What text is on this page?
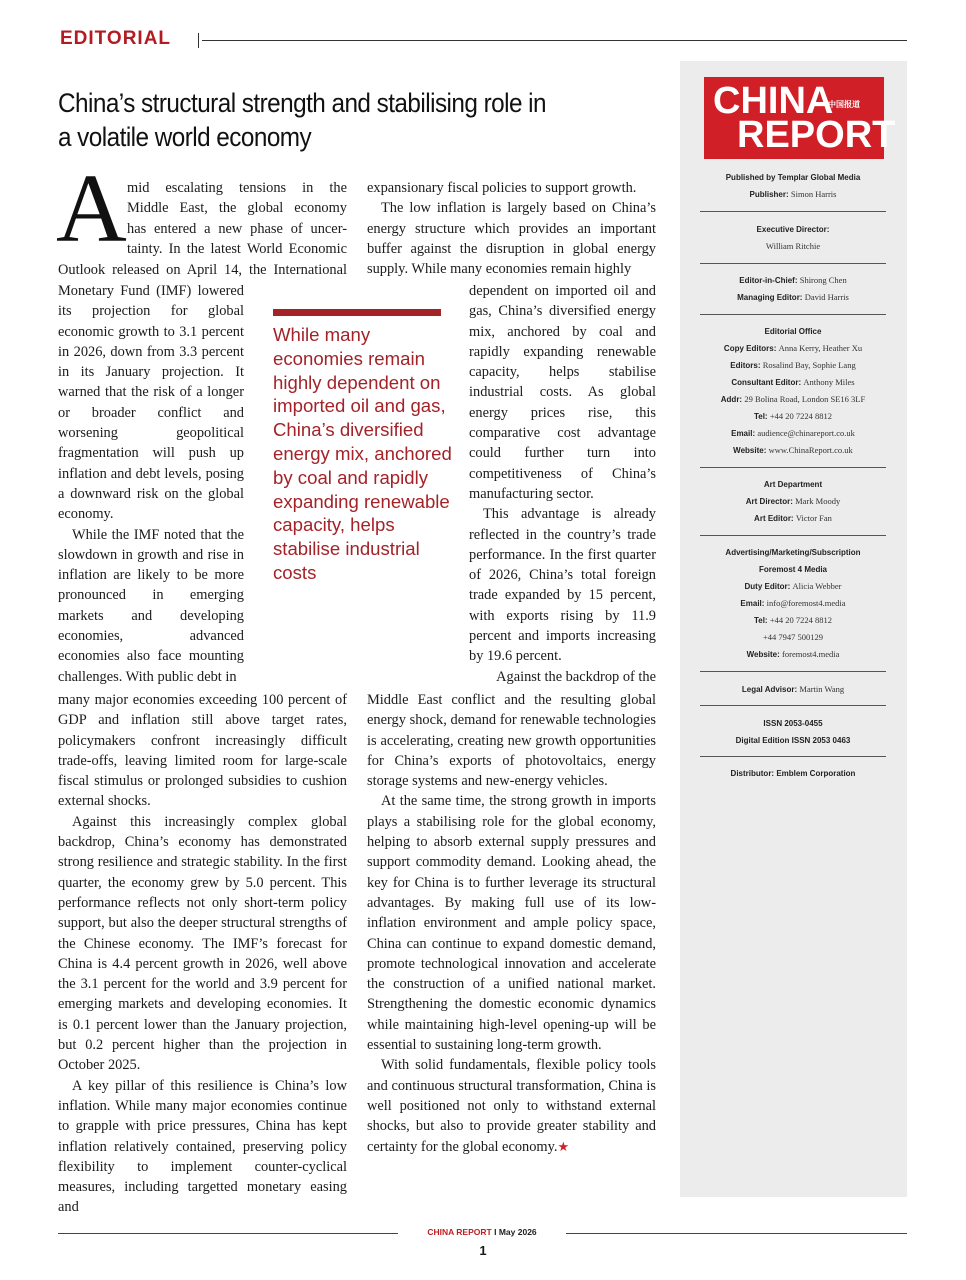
EDITORIAL
China’s structural strength and stabilising role in a volatile world economy
A mid escalating tensions in the
Middle East, the global economy
has entered a new phase of uncer-
tainty. In the latest World Economic
Outlook released on April 14, the International

Monetary Fund (IMF) lowered its projection for global economic growth to 3.1 percent in 2026, down from 3.3 percent in its January projection. It warned that the risk of a longer or broader conflict and worsening geopolitical fragmentation will push up inflation and debt levels, posing a downward risk on the global economy.

While the IMF noted that the slowdown in growth and rise in inflation are likely to be more pronounced in emerging markets and developing economies, advanced economies also face mounting challenges. With public debt in

many major economies exceeding 100 percent of GDP and inflation still above target rates, policymakers confront increasingly difficult trade-offs, leaving limited room for large-scale fiscal stimulus or prolonged subsidies to cushion external shocks.

Against this increasingly complex global backdrop, China’s economy has demonstrated strong resilience and strategic stability. In the first quarter, the economy grew by 5.0 percent. This performance reflects not only short-term policy support, but also the deeper structural strengths of the Chinese economy. The IMF’s forecast for China is 4.4 percent growth in 2026, well above the 3.1 percent for the world and 3.9 percent for emerging markets and developing economies. It is 0.1 percent lower than the January projection, but 0.2 percent higher than the projection in October 2025.

A key pillar of this resilience is China’s low inflation. While many major economies continue to grapple with price pressures, China has kept inflation relatively contained, preserving policy flexibility to implement counter-cyclical measures, including targetted monetary easing and

While many economies remain highly dependent on imported oil and gas, China’s diversified energy mix, anchored by coal and rapidly expanding renewable capacity, helps stabilise industrial costs

expansionary fiscal policies to support growth.

The low inflation is largely based on China’s energy structure which provides an important buffer against the disruption in global energy supply. While many economies remain highly

dependent on imported oil and gas, China’s diversified energy mix, anchored by coal and rapidly expanding renewable capacity, helps stabilise industrial costs. As global energy prices rise, this comparative cost advantage could further turn into competitiveness of China’s manufacturing sector.

This advantage is already reflected in the country’s trade performance. In the first quarter of 2026, China’s total foreign trade expanded by 15 percent, with exports rising by 11.9 percent and imports increasing by 19.6 percent.

Against the backdrop of the

Middle East conflict and the resulting global energy shock, demand for renewable technologies is accelerating, creating new growth opportunities for China’s exports of photovoltaics, energy storage systems and new-energy vehicles.

At the same time, the strong growth in imports plays a stabilising role for the global economy, helping to absorb external supply pressures and support commodity demand. Looking ahead, the key for China is to further leverage its structural advantages. By making full use of its low-inflation environment and ample policy space, China can continue to expand domestic demand, promote technological innovation and accelerate the construction of a unified national market. Strengthening the domestic economic dynamics while maintaining high-level opening-up will be essential to sustaining long-term growth.

With solid fundamentals, flexible policy tools and continuous structural transformation, China is well positioned not only to withstand external shocks, but also to provide greater stability and certainty for the global economy.★

CHINA
中国报道
REPORT
Published by Templar Global Media
Publisher: Simon Harris
Executive Director:
William Ritchie
Editor-in-Chief: Shirong Chen
Managing Editor: David Harris
Editorial Office
Copy Editors: Anna Kerry, Heather Xu
Editors: Rosalind Bay, Sophie Lang
Consultant Editor: Anthony Miles
Addr: 29 Bolina Road, London SE16 3LF
Tel: +44 20 7224 8812
Email: audience@chinareport.co.uk
Website: www.ChinaReport.co.uk
Art Department
Art Director: Mark Moody
Art Editor: Victor Fan
Advertising/Marketing/Subscription
Foremost 4 Media
Duty Editor: Alicia Webber
Email: info@foremost4.media
Tel: +44 20 7224 8812
+44 7947 500129
Website: foremost4.media
Legal Advisor: Martin Wang
ISSN 2053-0455
Digital Edition ISSN 2053 0463
Distributor: Emblem Corporation
CHINA REPORT I May 2026
1
